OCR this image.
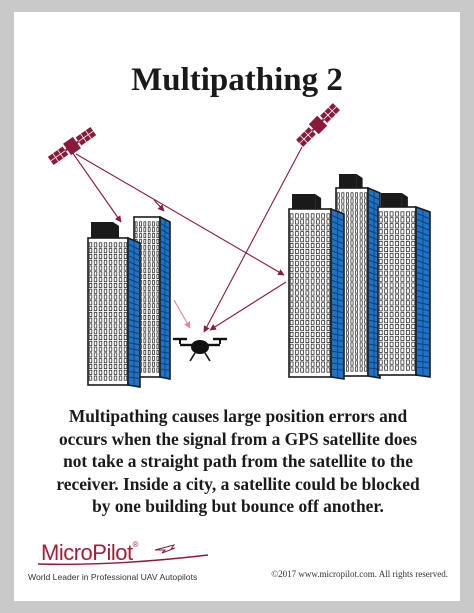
Multipathing 2
Multipathing causes large position errors and occurs when the signal from a GPS satellite does not take a straight path from the satellite to the receiver. Inside a city, a satellite could be blocked by one building but bounce off another.
MicroPilot®
World Leader in Professional UAV Autopilots	©2017 www.micropilot.com. All rights reserved.
